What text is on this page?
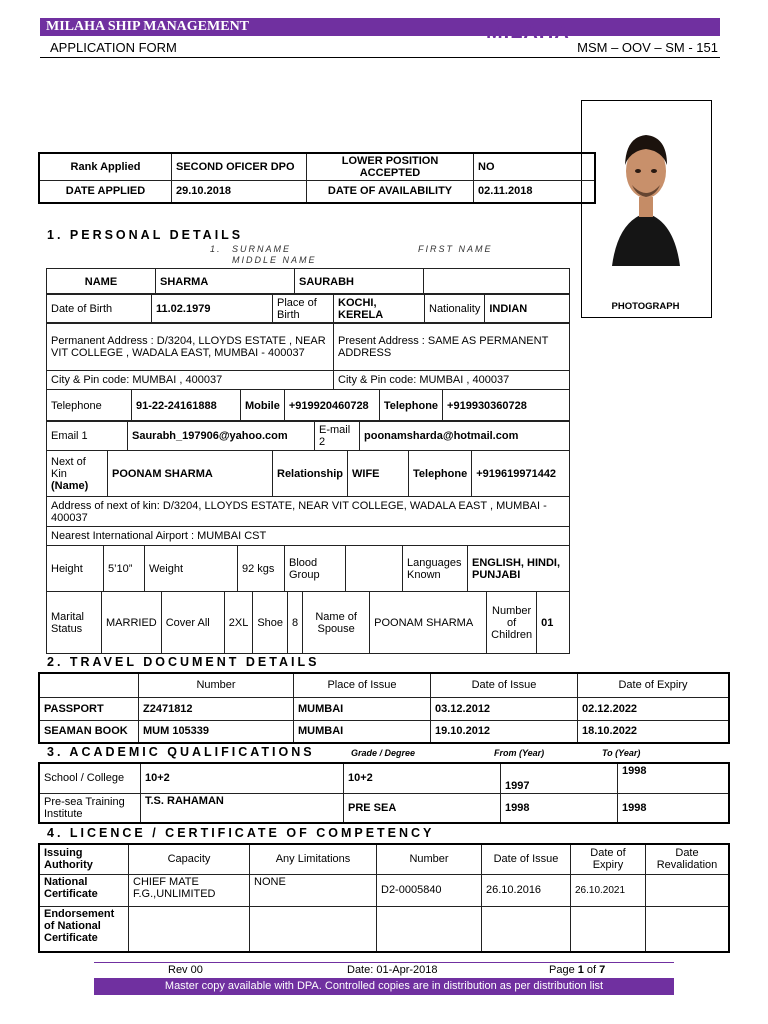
MILAHA
MILAHA SHIP MANAGEMENT
APPLICATION FORM	MSM – OOV – SM - 151
PHOTOGRAPH
Rank Applied	SECOND OFICER DPO	LOWER POSITION ACCEPTED	NO
DATE APPLIED	29.10.2018	DATE OF AVAILABILITY	02.11.2018
1. PERSONAL DETAILS
1. SURNAME	FIRST NAME
MIDDLE NAME
NAME	SHARMA	SAURABH	
Date of Birth	11.02.1979	Place of Birth	KOCHI, KERELA	Nationality	INDIAN
Permanent Address : D/3204, LLOYDS ESTATE , NEAR VIT COLLEGE , WADALA EAST, MUMBAI - 400037	Present Address : SAME AS PERMANENT ADDRESS
City & Pin code: MUMBAI , 400037	City & Pin code: MUMBAI , 400037
Telephone	91-22-24161888	Mobile	+919920460728	Telephone	+919930360728
Email 1	Saurabh_197906@yahoo.com	E-mail 2	poonamsharda@hotmail.com
Next of Kin
(Name)	POONAM SHARMA	Relationship	WIFE	Telephone	+919619971442
Address of next of kin: D/3204, LLOYDS ESTATE, NEAR VIT COLLEGE, WADALA EAST , MUMBAI - 400037
Nearest International Airport : MUMBAI CST
Height	5’10”	Weight	92 kgs	Blood Group		Languages Known	ENGLISH, HINDI, PUNJABI
Marital Status	MARRIED	Cover All	2XL	Shoe	8	Name of Spouse	POONAM SHARMA	Number of Children	01
2. TRAVEL DOCUMENT DETAILS
	Number	Place of Issue	Date of Issue	Date of Expiry
PASSPORT	Z2471812	MUMBAI	03.12.2012	02.12.2022
SEAMAN BOOK	MUM 105339	MUMBAI	19.10.2012	18.10.2022
3. ACADEMIC QUALIFICATIONS	Grade / Degree	From (Year)	To (Year)
School / College	10+2	10+2	1997	1998
Pre-sea Training Institute	T.S. RAHAMAN	PRE SEA	1998	1998
4. LICENCE / CERTIFICATE OF COMPETENCY
Issuing Authority	Capacity	Any Limitations	Number	Date of Issue	Date of Expiry	Date Revalidation
National Certificate	CHIEF MATE F.G.,UNLIMITED	NONE	D2-0005840	26.10.2016	26.10.2021	
Endorsement of National Certificate						
Rev 00	Date: 01-Apr-2018	Page 1 of 7
Master copy available with DPA. Controlled copies are in distribution as per distribution list
